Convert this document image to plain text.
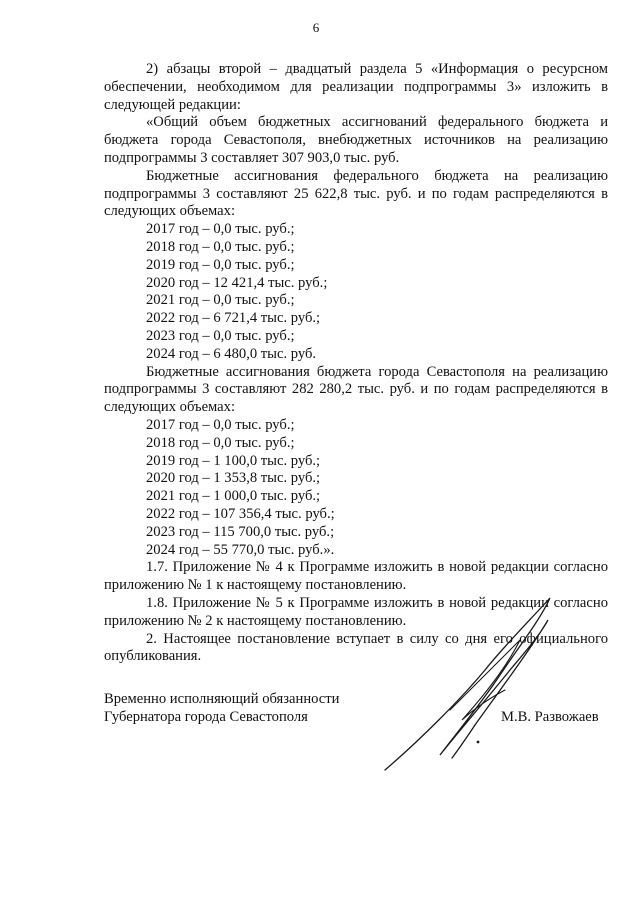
6

2) абзацы второй – двадцатый раздела 5 «Информация о ресурсном обеспечении, необходимом для реализации подпрограммы 3» изложить в следующей редакции:

«Общий объем бюджетных ассигнований федерального бюджета и бюджета города Севастополя, внебюджетных источников на реализацию подпрограммы 3 составляет 307 903,0 тыс. руб.

Бюджетные ассигнования федерального бюджета на реализацию подпрограммы 3 составляют 25 622,8 тыс. руб. и по годам распределяются в следующих объемах:

2017 год – 0,0 тыс. руб.;

2018 год – 0,0 тыс. руб.;

2019 год – 0,0 тыс. руб.;

2020 год – 12 421,4 тыс. руб.;

2021 год – 0,0 тыс. руб.;

2022 год – 6 721,4 тыс. руб.;

2023 год – 0,0 тыс. руб.;

2024 год – 6 480,0 тыс. руб.

Бюджетные ассигнования бюджета города Севастополя на реализацию подпрограммы 3 составляют 282 280,2 тыс. руб. и по годам распределяются в следующих объемах:

2017 год – 0,0 тыс. руб.;

2018 год – 0,0 тыс. руб.;

2019 год – 1 100,0 тыс. руб.;

2020 год – 1 353,8 тыс. руб.;

2021 год – 1 000,0 тыс. руб.;

2022 год – 107 356,4 тыс. руб.;

2023 год – 115 700,0 тыс. руб.;

2024 год – 55 770,0 тыс. руб.».

1.7. Приложение № 4 к Программе изложить в новой редакции согласно приложению № 1 к настоящему постановлению.

1.8. Приложение № 5 к Программе изложить в новой редакции согласно приложению № 2 к настоящему постановлению.

2. Настоящее постановление вступает в силу со дня его официального опубликования.

Временно исполняющий обязанности
Губернатора города Севастополя	М.В. Развожаев
